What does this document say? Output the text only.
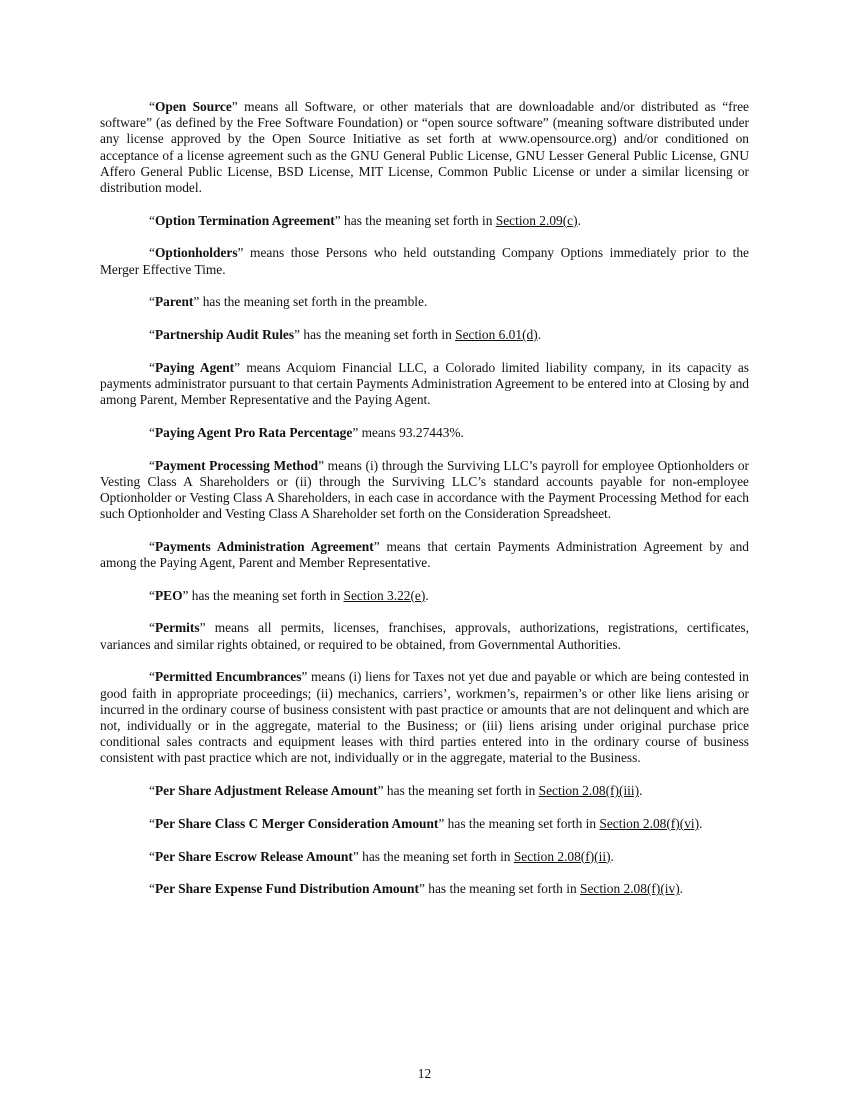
“Open Source” means all Software, or other materials that are downloadable and/or distributed as “free software” (as defined by the Free Software Foundation) or “open source software” (meaning software distributed under any license approved by the Open Source Initiative as set forth at www.opensource.org) and/or conditioned on acceptance of a license agreement such as the GNU General Public License, GNU Lesser General Public License, GNU Affero General Public License, BSD License, MIT License, Common Public License or under a similar licensing or distribution model.

“Option Termination Agreement” has the meaning set forth in Section 2.09(c).

“Optionholders” means those Persons who held outstanding Company Options immediately prior to the Merger Effective Time.

“Parent” has the meaning set forth in the preamble.

“Partnership Audit Rules” has the meaning set forth in Section 6.01(d).

“Paying Agent” means Acquiom Financial LLC, a Colorado limited liability company, in its capacity as payments administrator pursuant to that certain Payments Administration Agreement to be entered into at Closing by and among Parent, Member Representative and the Paying Agent.

“Paying Agent Pro Rata Percentage” means 93.27443%.

“Payment Processing Method” means (i) through the Surviving LLC’s payroll for employee Optionholders or Vesting Class A Shareholders or (ii) through the Surviving LLC’s standard accounts payable for non-employee Optionholder or Vesting Class A Shareholders, in each case in accordance with the Payment Processing Method for each such Optionholder and Vesting Class A Shareholder set forth on the Consideration Spreadsheet.

“Payments Administration Agreement” means that certain Payments Administration Agreement by and among the Paying Agent, Parent and Member Representative.

“PEO” has the meaning set forth in Section 3.22(e).

“Permits” means all permits, licenses, franchises, approvals, authorizations, registrations, certificates, variances and similar rights obtained, or required to be obtained, from Governmental Authorities.

“Permitted Encumbrances” means (i) liens for Taxes not yet due and payable or which are being contested in good faith in appropriate proceedings; (ii) mechanics, carriers’, workmen’s, repairmen’s or other like liens arising or incurred in the ordinary course of business consistent with past practice or amounts that are not delinquent and which are not, individually or in the aggregate, material to the Business; or (iii) liens arising under original purchase price conditional sales contracts and equipment leases with third parties entered into in the ordinary course of business consistent with past practice which are not, individually or in the aggregate, material to the Business.

“Per Share Adjustment Release Amount” has the meaning set forth in Section 2.08(f)(iii).

“Per Share Class C Merger Consideration Amount” has the meaning set forth in Section 2.08(f)(vi).

“Per Share Escrow Release Amount” has the meaning set forth in Section 2.08(f)(ii).

“Per Share Expense Fund Distribution Amount” has the meaning set forth in Section 2.08(f)(iv).

12
